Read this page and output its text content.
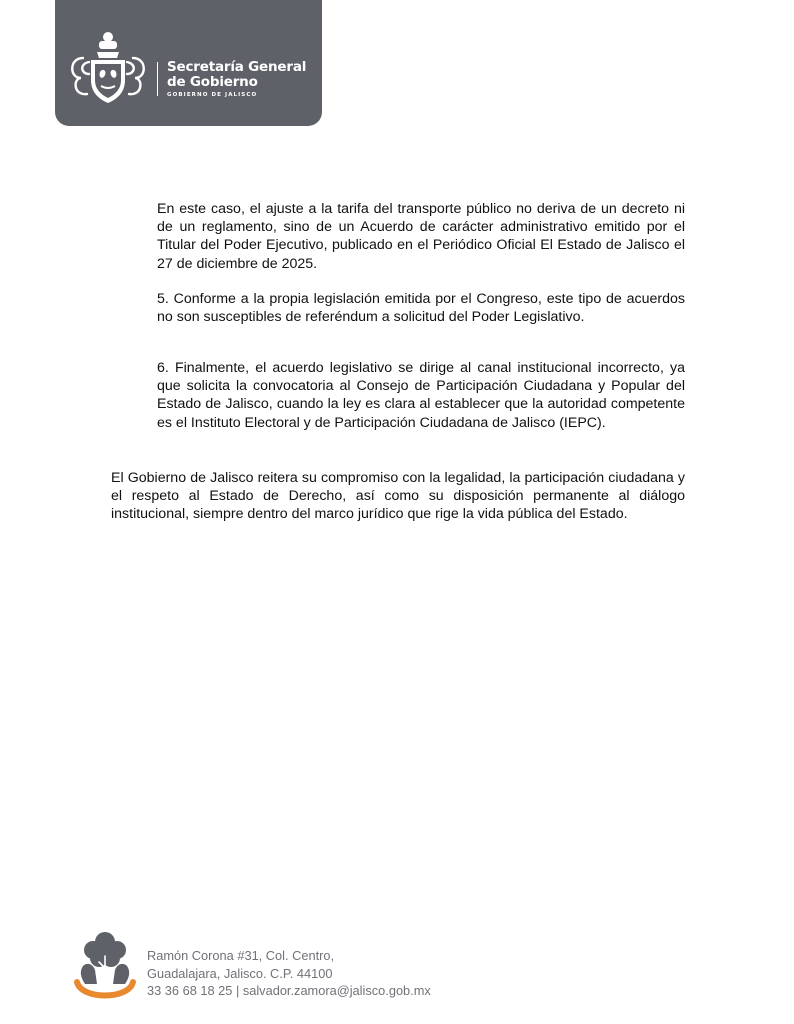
Secretaría General
de Gobierno
GOBIERNO DE JALISCO

En este caso, el ajuste a la tarifa del transporte público no deriva de un decreto ni de un reglamento, sino de un Acuerdo de carácter administrativo emitido por el Titular del Poder Ejecutivo, publicado en el Periódico Oficial El Estado de Jalisco el 27 de diciembre de 2025.

5. Conforme a la propia legislación emitida por el Congreso, este tipo de acuerdos no son susceptibles de referéndum a solicitud del Poder Legislativo.

6. Finalmente, el acuerdo legislativo se dirige al canal institucional incorrecto, ya que solicita la convocatoria al Consejo de Participación Ciudadana y Popular del Estado de Jalisco, cuando la ley es clara al establecer que la autoridad competente es el Instituto Electoral y de Participación Ciudadana de Jalisco (IEPC).

El Gobierno de Jalisco reitera su compromiso con la legalidad, la participación ciudadana y el respeto al Estado de Derecho, así como su disposición permanente al diálogo institucional, siempre dentro del marco jurídico que rige la vida pública del Estado.

Ramón Corona #31, Col. Centro,
Guadalajara, Jalisco. C.P. 44100
33 36 68 18 25 | salvador.zamora@jalisco.gob.mx
